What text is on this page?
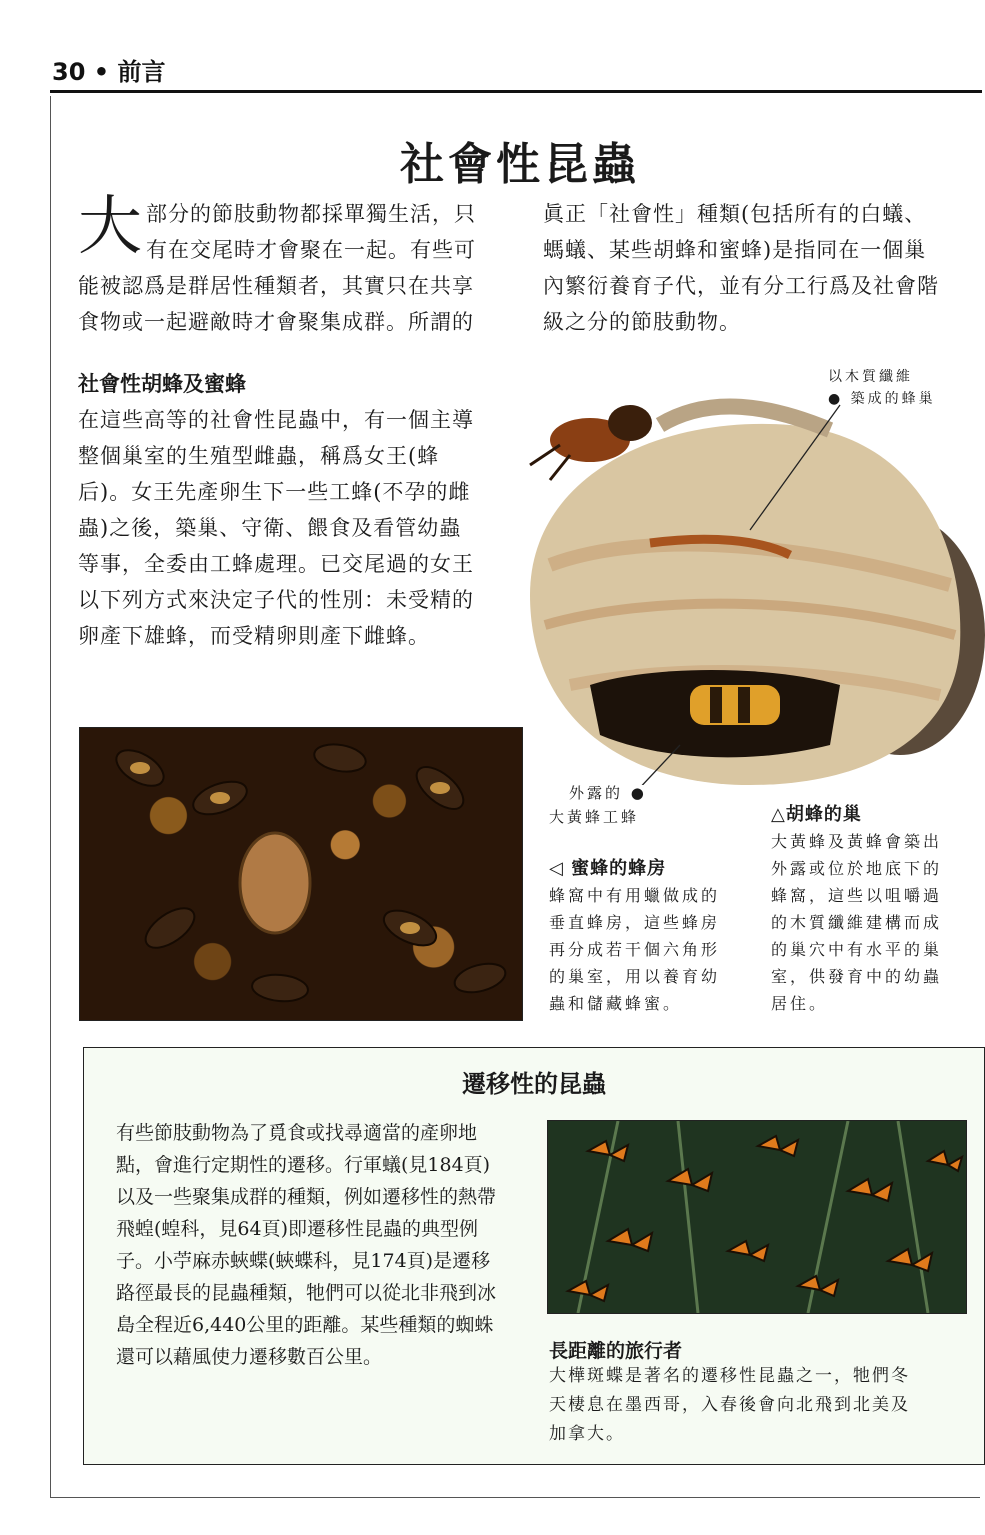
30 • 前言
社會性昆蟲
大 部分的節肢動物都採單獨生活，只
有在交尾時才會聚在一起。有些可
能被認爲是群居性種類者，其實只在共享
食物或一起避敵時才會聚集成群。所謂的
眞正「社會性」種類(包括所有的白蟻、
螞蟻、某些胡蜂和蜜蜂)是指同在一個巢
內繁衍養育子代，並有分工行爲及社會階
級之分的節肢動物。
社會性胡蜂及蜜蜂
在這些高等的社會性昆蟲中，有一個主導
整個巢室的生殖型雌蟲，稱爲女王(蜂
后)。女王先產卵生下一些工蜂(不孕的雌
蟲)之後，築巢、守衛、餵食及看管幼蟲
等事，全委由工蜂處理。已交尾過的女王
以下列方式來決定子代的性別：未受精的
卵產下雄蜂，而受精卵則產下雌蜂。
以木質纖維
● 築成的蜂巢
外露的 ●
大黃蜂工蜂
◁ 蜜蜂的蜂房
蜂窩中有用蠟做成的
垂直蜂房，這些蜂房
再分成若干個六角形
的巢室，用以養育幼
蟲和儲藏蜂蜜。
△胡蜂的巢
大黃蜂及黃蜂會築出
外露或位於地底下的
蜂窩，這些以咀嚼過
的木質纖維建構而成
的巢穴中有水平的巢
室，供發育中的幼蟲
居住。
遷移性的昆蟲
有些節肢動物為了覓食或找尋適當的產卵地
點，會進行定期性的遷移。行軍蟻(見184頁)
以及一些聚集成群的種類，例如遷移性的熱帶
飛蝗(蝗科，見64頁)即遷移性昆蟲的典型例
子。小苧麻赤蛺蝶(蛺蝶科，見174頁)是遷移
路徑最長的昆蟲種類，牠們可以從北非飛到冰
島全程近6,440公里的距離。某些種類的蜘蛛
還可以藉風使力遷移數百公里。	長距離的旅行者
大樺斑蝶是著名的遷移性昆蟲之一，牠們冬
天棲息在墨西哥，入春後會向北飛到北美及
加拿大。
